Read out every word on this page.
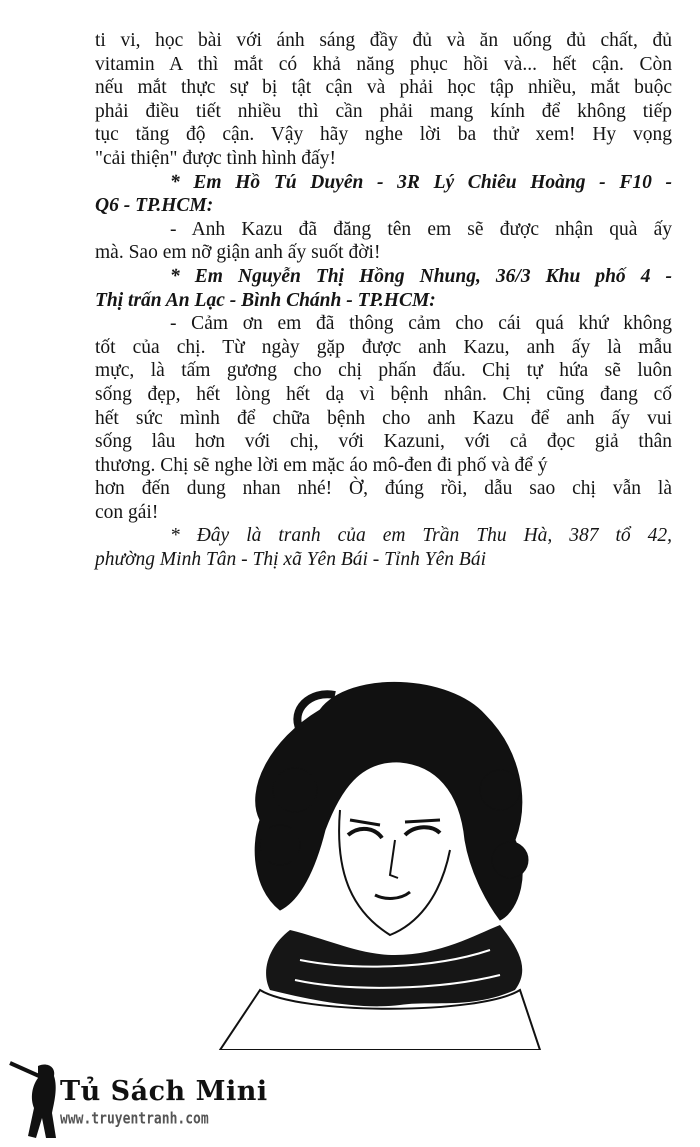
ti vi, học bài với ánh sáng đầy đủ và ăn uống đủ chất, đủ
vitamin A thì mắt có khả năng phục hồi và... hết cận. Còn
nếu mắt thực sự bị tật cận và phải học tập nhiều, mắt buộc
phải điều tiết nhiều thì cần phải mang kính để không tiếp
tục tăng độ cận. Vậy hãy nghe lời ba thử xem! Hy vọng
"cải thiện" được tình hình đấy!
* Em Hồ Tú Duyên - 3R Lý Chiêu Hoàng - F10 -
Q6 - TP.HCM:
- Anh Kazu đã đăng tên em sẽ được nhận quà ấy
mà. Sao em nỡ giận anh ấy suốt đời!
* Em Nguyễn Thị Hồng Nhung, 36/3 Khu phố 4 -
Thị trấn An Lạc - Bình Chánh - TP.HCM:
- Cảm ơn em đã thông cảm cho cái quá khứ không
tốt của chị. Từ ngày gặp được anh Kazu, anh ấy là mẫu
mực, là tấm gương cho chị phấn đấu. Chị tự hứa sẽ luôn
sống đẹp, hết lòng hết dạ vì bệnh nhân. Chị cũng đang cố
hết sức mình để chữa bệnh cho anh Kazu để anh ấy vui
sống lâu hơn với chị, với Kazuni, với cả đọc giả thân
thương. Chị sẽ nghe lời em mặc áo mô-đen đi phố và để ý
hơn đến dung nhan nhé! Ờ, đúng rồi, dẫu sao chị vẫn là
con gái!
* Đây là tranh của em Trần Thu Hà, 387 tổ 42,
phường Minh Tân - Thị xã Yên Bái - Tỉnh Yên Bái
Tủ Sách Mini
www.truyentranh.com
